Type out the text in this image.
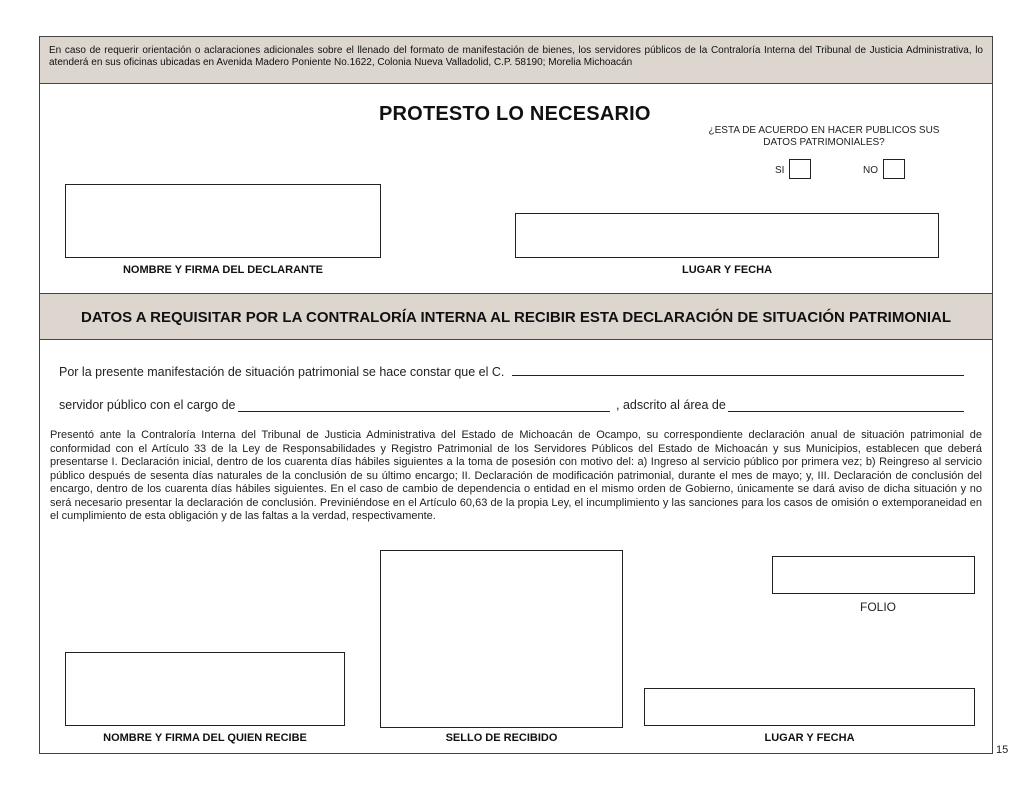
En caso de requerir orientación o aclaraciones adicionales sobre el llenado del formato de manifestación de bienes, los servidores públicos de la Contraloría Interna del Tribunal de Justicia Administrativa, lo atenderá en sus oficinas ubicadas en Avenida Madero Poniente No.1622, Colonia Nueva Valladolid, C.P. 58190; Morelia Michoacán
PROTESTO LO NECESARIO
¿ESTA DE ACUERDO EN HACER PUBLICOS SUS DATOS PATRIMONIALES?
SI	NO
NOMBRE Y FIRMA DEL DECLARANTE	LUGAR Y FECHA
DATOS A REQUISITAR POR LA CONTRALORÍA INTERNA AL RECIBIR ESTA DECLARACIÓN DE SITUACIÓN PATRIMONIAL
Por la presente manifestación de situación patrimonial se hace constar que el C.
servidor público con el cargo de	, adscrito al área de
Presentó ante la Contraloría Interna del Tribunal de Justicia Administrativa del Estado de Michoacán de Ocampo, su correspondiente declaración anual de situación patrimonial de conformidad con el Artículo 33 de la Ley de Responsabilidades y Registro Patrimonial de los Servidores Públicos del Estado de Michoacán y sus Municipios, establecen que deberá presentarse I. Declaración inicial, dentro de los cuarenta días hábiles siguientes a la toma de posesión con motivo del: a) Ingreso al servicio público por primera vez; b) Reingreso al servicio público después de sesenta días naturales de la conclusión de su último encargo; II. Declaración de modificación patrimonial, durante el mes de mayo; y, III. Declaración de conclusión del encargo, dentro de los cuarenta días hábiles siguientes. En el caso de cambio de dependencia o entidad en el mismo orden de Gobierno, únicamente se dará aviso de dicha situación y no será necesario presentar la declaración de conclusión. Previniéndose en el Artículo 60,63 de la propia Ley, el incumplimiento y las sanciones para los casos de omisión o extemporaneidad en el cumplimiento de esta obligación y de las faltas a la verdad, respectivamente.
FOLIO
NOMBRE Y FIRMA DEL QUIEN RECIBE	SELLO DE RECIBIDO	LUGAR Y FECHA
15
